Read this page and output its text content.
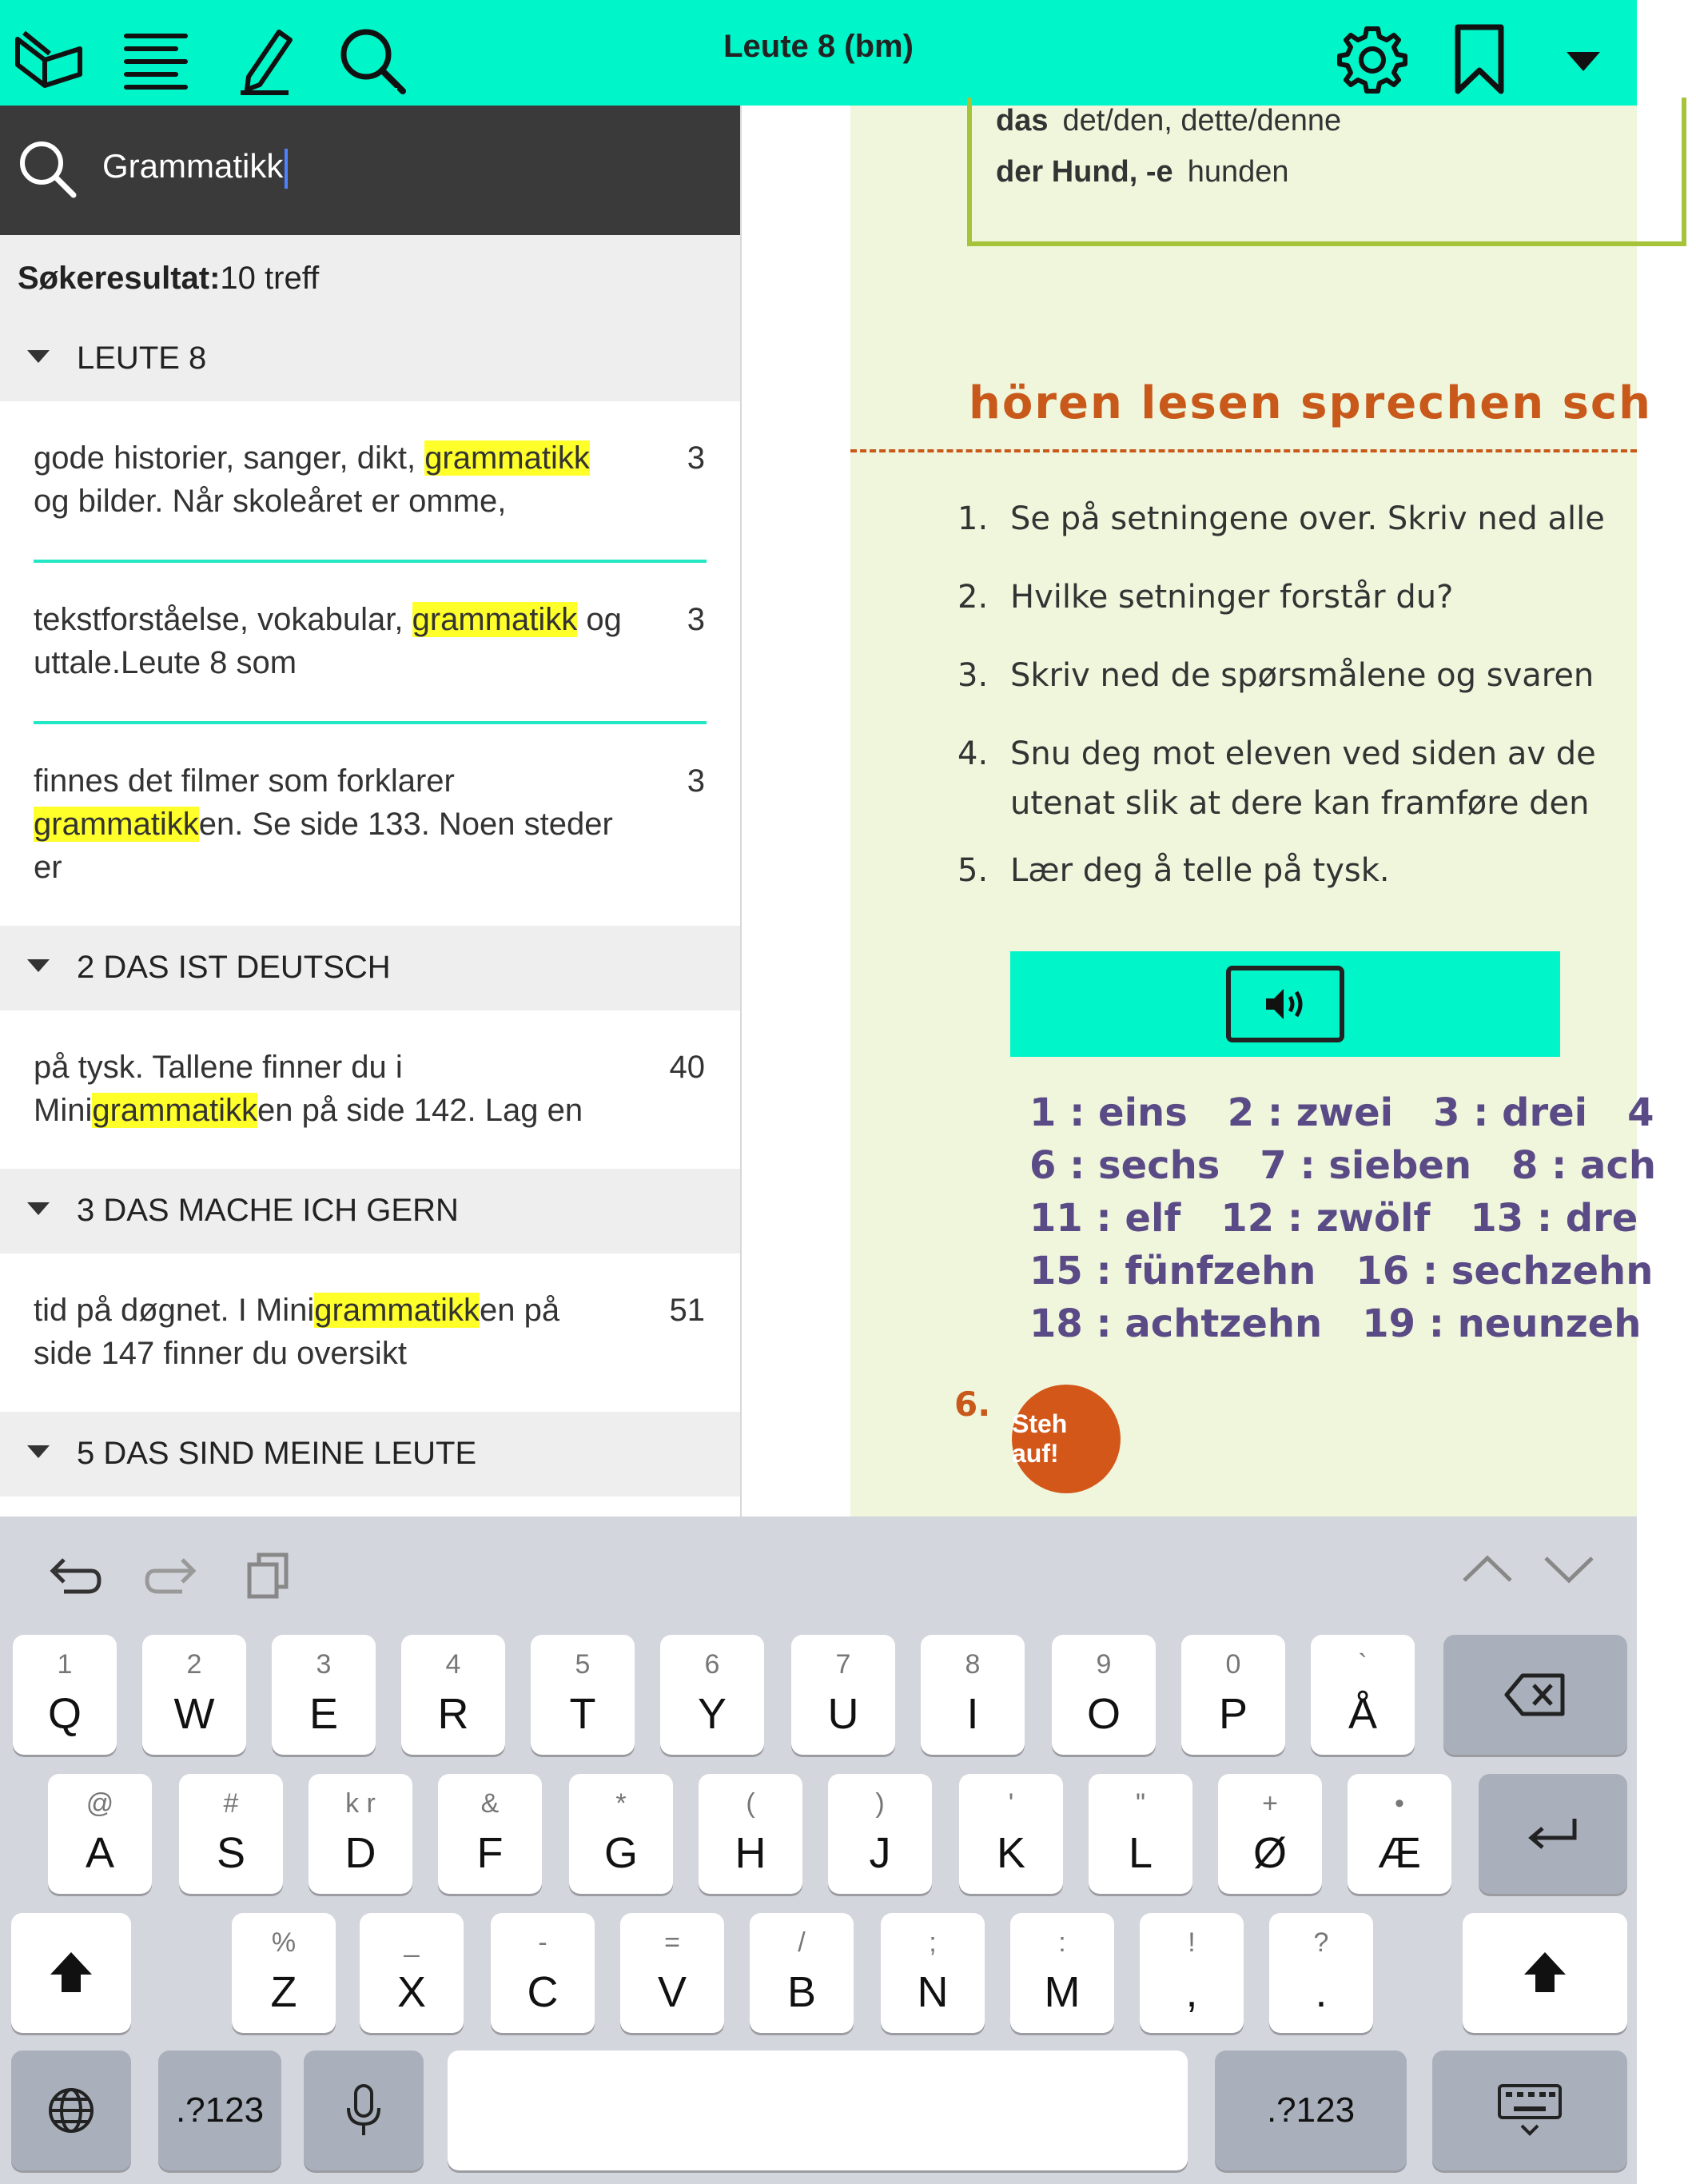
Leute 8 (bm)
Grammatikk
Søkeresultat:10 treff
LEUTE 8
gode historier, sanger, dikt, grammatikk og bilder. Når skoleåret er omme,
3
tekstforståelse, vokabular, grammatikk og uttale.Leute 8 som
3
finnes det filmer som forklarer grammatikken. Se side 133. Noen steder er
3
2 DAS IST DEUTSCH
på tysk. Tallene finner du i Minigrammatikken på side 142. Lag en
40
3 DAS MACHE ICH GERN
tid på døgnet. I Minigrammatikken på side 147 finner du oversikt
51
5 DAS SIND MEINE LEUTE
das det/den, dette/denne
der Hund, -e hunden
hören lesen sprechen sch
1. Se på setningene over. Skriv ned alle
2. Hvilke setninger forstår du?
3. Skriv ned de spørsmålene og svaren
4. Snu deg mot eleven ved siden av de
utenat slik at dere kan framføre den
5. Lær deg å telle på tysk.
1 : eins 2 : zwei 3 : drei 4
6 : sechs 7 : sieben 8 : ach
11 : elf 12 : zwölf 13 : dre
15 : fünfzehn 16 : sechzehn
18 : achtzehn 19 : neunzeh
6. Steh auf!
1
Q
2
W
3
E
4
R
5
T
6
Y
7
U
8
I
9
O
0
P
`
Å
@
A
#
S
k r
D
&
F
*
G
(
H
)
J
'
K
"
L
+
Ø
•
Æ
%
Z
_
X
-
C
=
V
/
B
;
N
:
M
!
,
?
.
.?123	.?123
